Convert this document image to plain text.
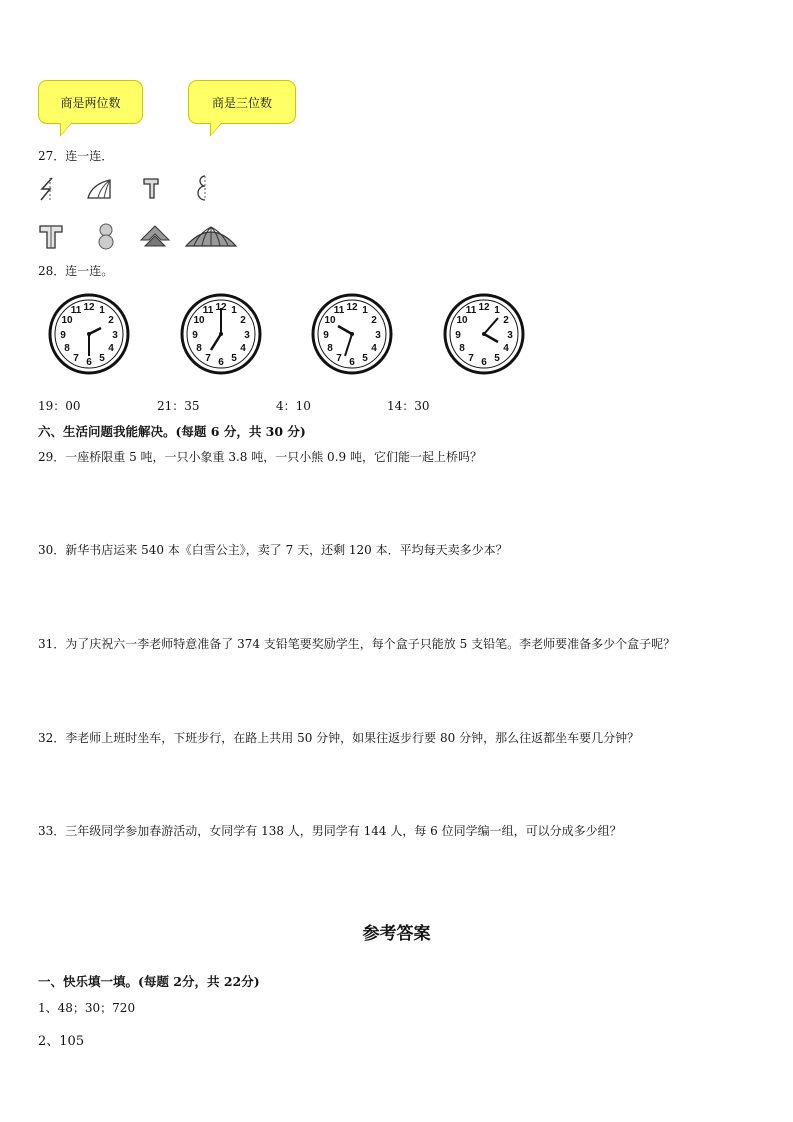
商是两位数	商是三位数
27．连一连．
28．连一连。
12 1
2
3
4
5
6
7
8
9
10
11	12 1
2
3
4
5
6
7
8
9
10
11	12 1
2
3
4
5
6
7
8
9
10
11	12 1
2
3
4
5
6
7
8
9
10
11
19：00	21：35	4：10	14：30
六、生活问题我能解决。(每题 6 分，共 30 分)
29．一座桥限重 5 吨，一只小象重 3.8 吨，一只小熊 0.9 吨，它们能一起上桥吗？
30．新华书店运来 540 本《白雪公主》，卖了 7 天，还剩 120 本．平均每天卖多少本？
31．为了庆祝六一李老师特意准备了 374 支铅笔要奖励学生，每个盒子只能放 5 支铅笔。李老师要准备多少个盒子呢？
32．李老师上班时坐车，下班步行，在路上共用 50 分钟，如果往返步行要 80 分钟，那么往返都坐车要几分钟？
33．三年级同学参加春游活动，女同学有 138 人，男同学有 144 人，每 6 位同学编一组，可以分成多少组？
参考答案
一、快乐填一填。(每题 2分，共 22分)
1、48；30；720
2、105
